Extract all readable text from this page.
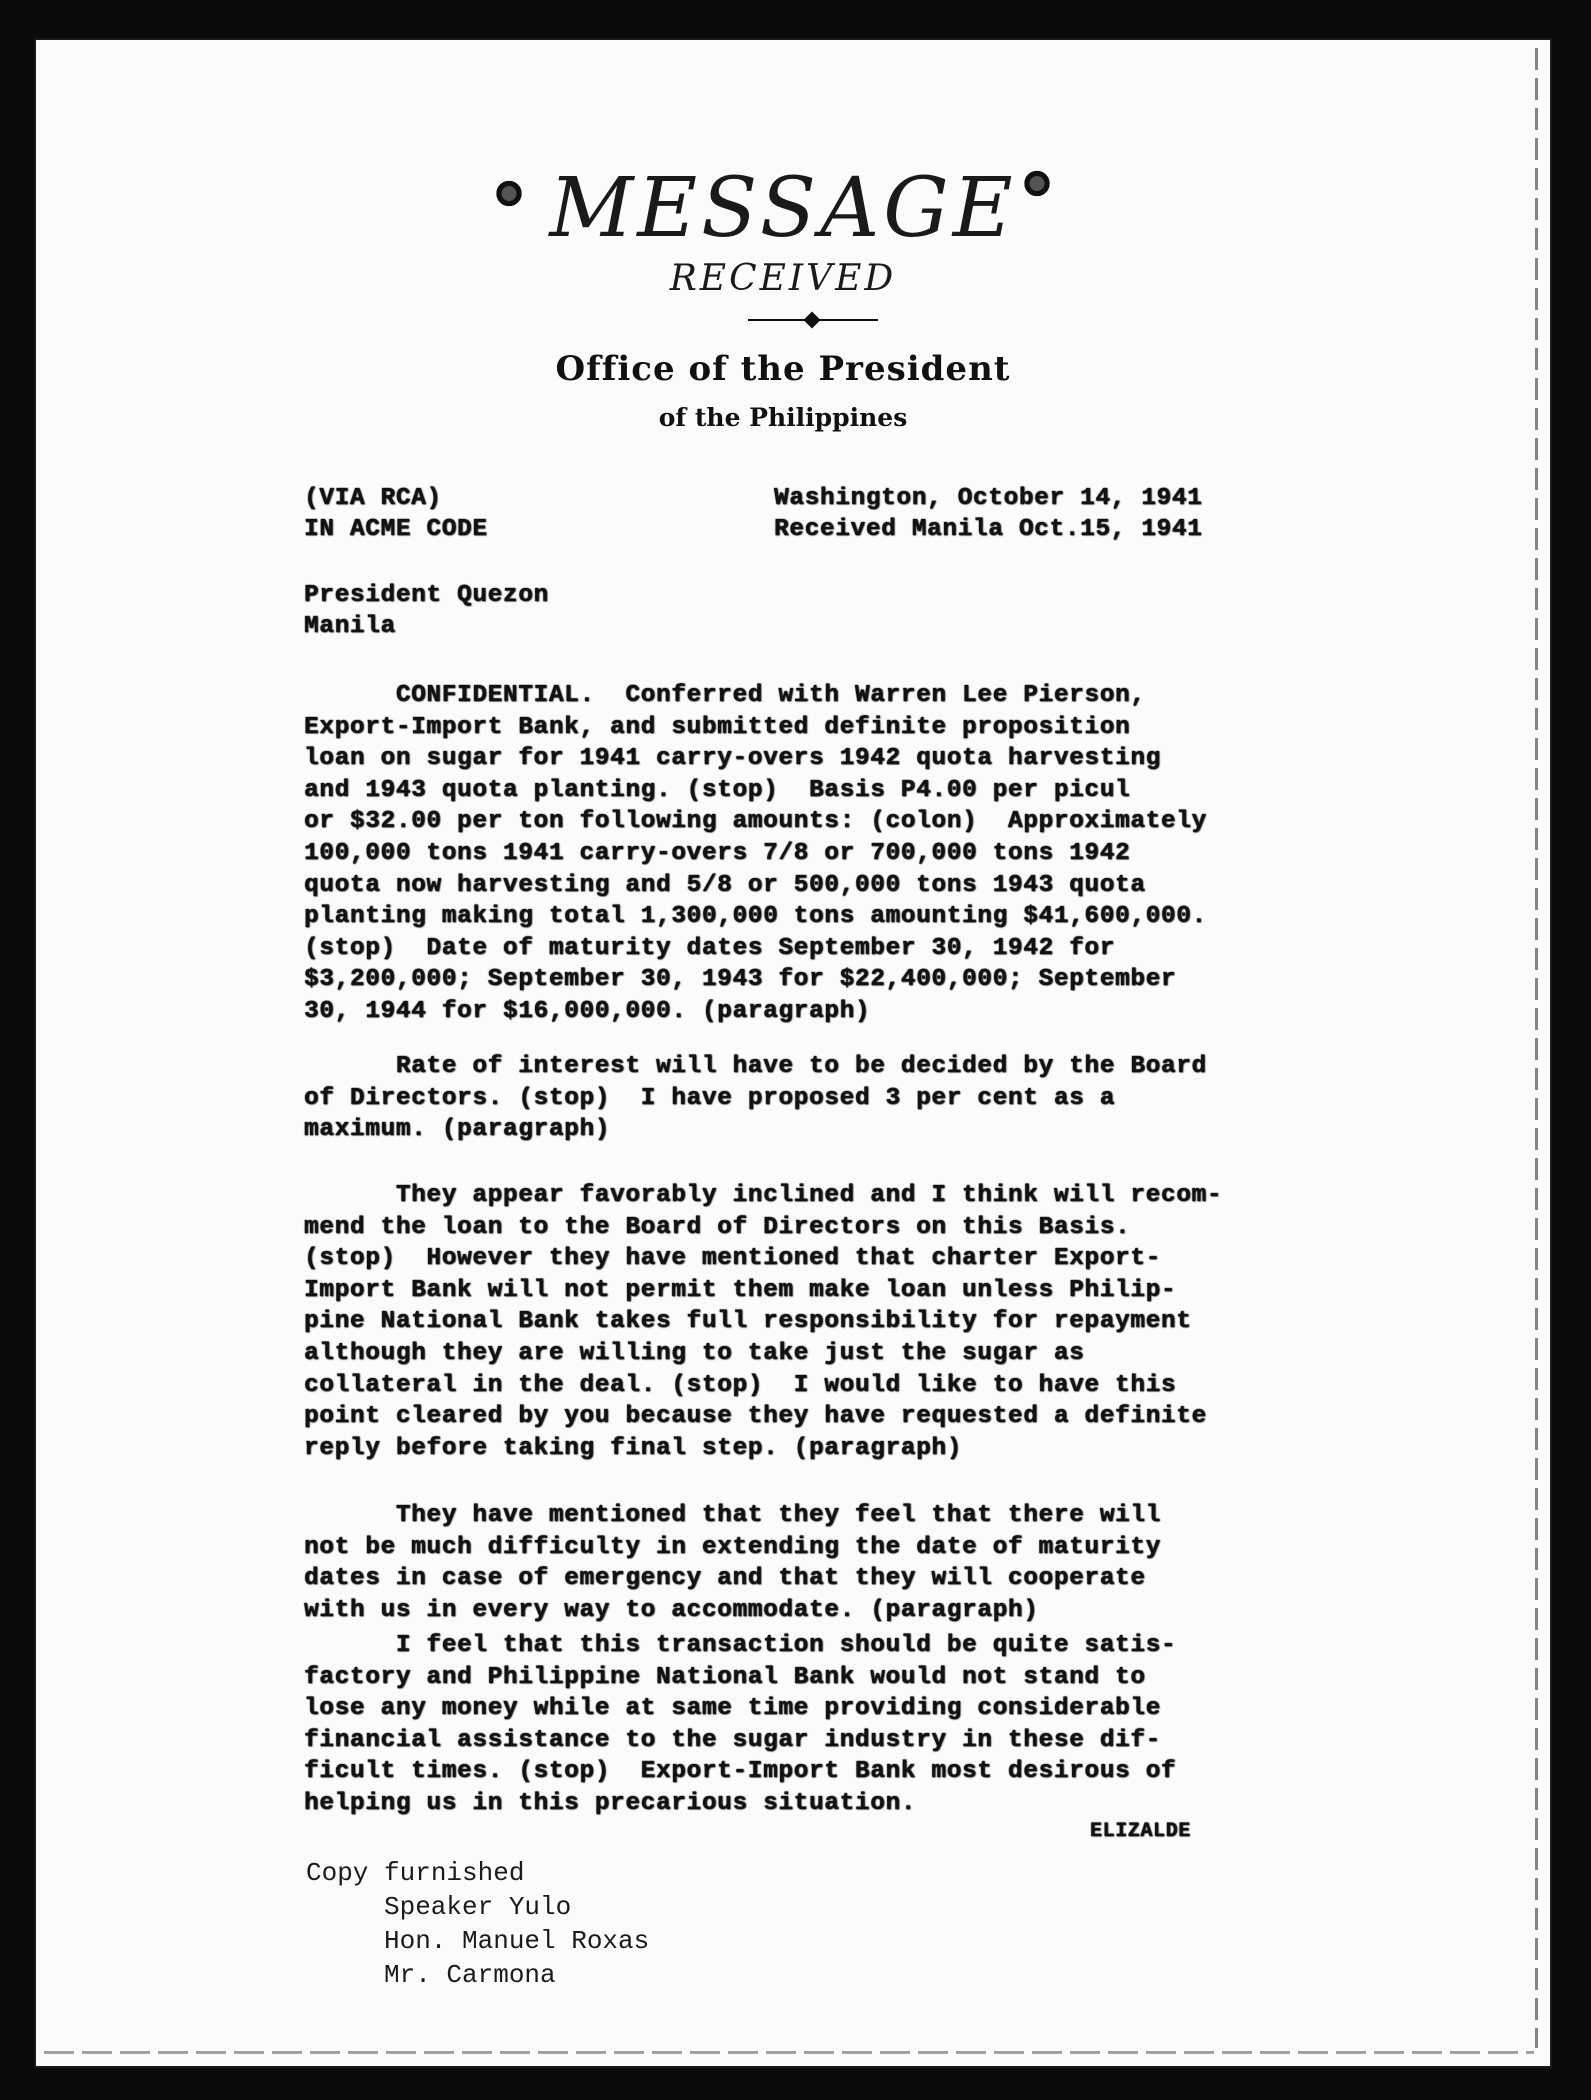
MESSAGE
RECEIVED
Office of the President
of the Philippines
(VIA RCA)
IN ACME CODE
Washington, October 14, 1941
Received Manila Oct.15, 1941
President Quezon
Manila
CONFIDENTIAL.  Conferred with Warren Lee Pierson,
Export-Import Bank, and submitted definite proposition
loan on sugar for 1941 carry-overs 1942 quota harvesting
and 1943 quota planting. (stop)  Basis P4.00 per picul
or $32.00 per ton following amounts: (colon)  Approximately
100,000 tons 1941 carry-overs 7/8 or 700,000 tons 1942
quota now harvesting and 5/8 or 500,000 tons 1943 quota
planting making total 1,300,000 tons amounting $41,600,000.
(stop)  Date of maturity dates September 30, 1942 for
$3,200,000; September 30, 1943 for $22,400,000; September
30, 1944 for $16,000,000. (paragraph)
Rate of interest will have to be decided by the Board
of Directors. (stop)  I have proposed 3 per cent as a
maximum. (paragraph)
They appear favorably inclined and I think will recom-
mend the loan to the Board of Directors on this Basis.
(stop)  However they have mentioned that charter Export-
Import Bank will not permit them make loan unless Philip-
pine National Bank takes full responsibility for repayment
although they are willing to take just the sugar as
collateral in the deal. (stop)  I would like to have this
point cleared by you because they have requested a definite
reply before taking final step. (paragraph)
They have mentioned that they feel that there will
not be much difficulty in extending the date of maturity
dates in case of emergency and that they will cooperate
with us in every way to accommodate. (paragraph)
I feel that this transaction should be quite satis-
factory and Philippine National Bank would not stand to
lose any money while at same time providing considerable
financial assistance to the sugar industry in these dif-
ficult times. (stop)  Export-Import Bank most desirous of
helping us in this precarious situation.
ELIZALDE
Copy furnished
Speaker Yulo
Hon. Manuel Roxas
Mr. Carmona
